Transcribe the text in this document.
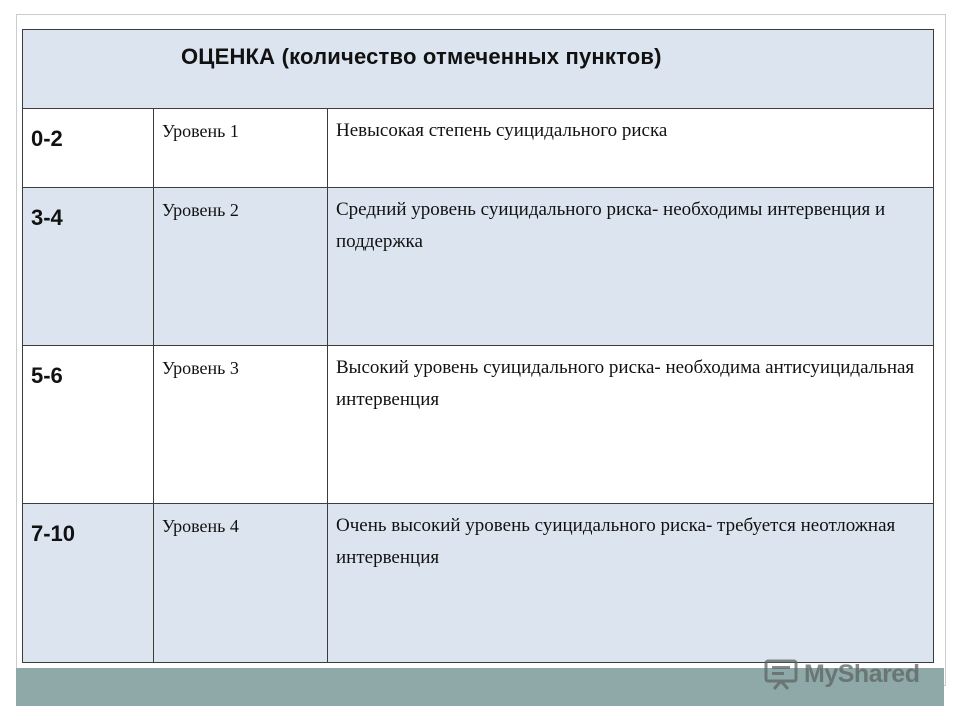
ОЦЕНКА (количество отмеченных пунктов)		

0-2	Уровень 1	Невысокая степень суицидального риска

3-4	Уровень 2	Средний уровень суицидального риска- необходимы интервенция и поддержка

5-6	Уровень 3	Высокий уровень суицидального риска- необходима антисуицидальная интервенция

7-10	Уровень 4	Очень высокий уровень суицидального риска- требуется неотложная интервенция
MyShared
